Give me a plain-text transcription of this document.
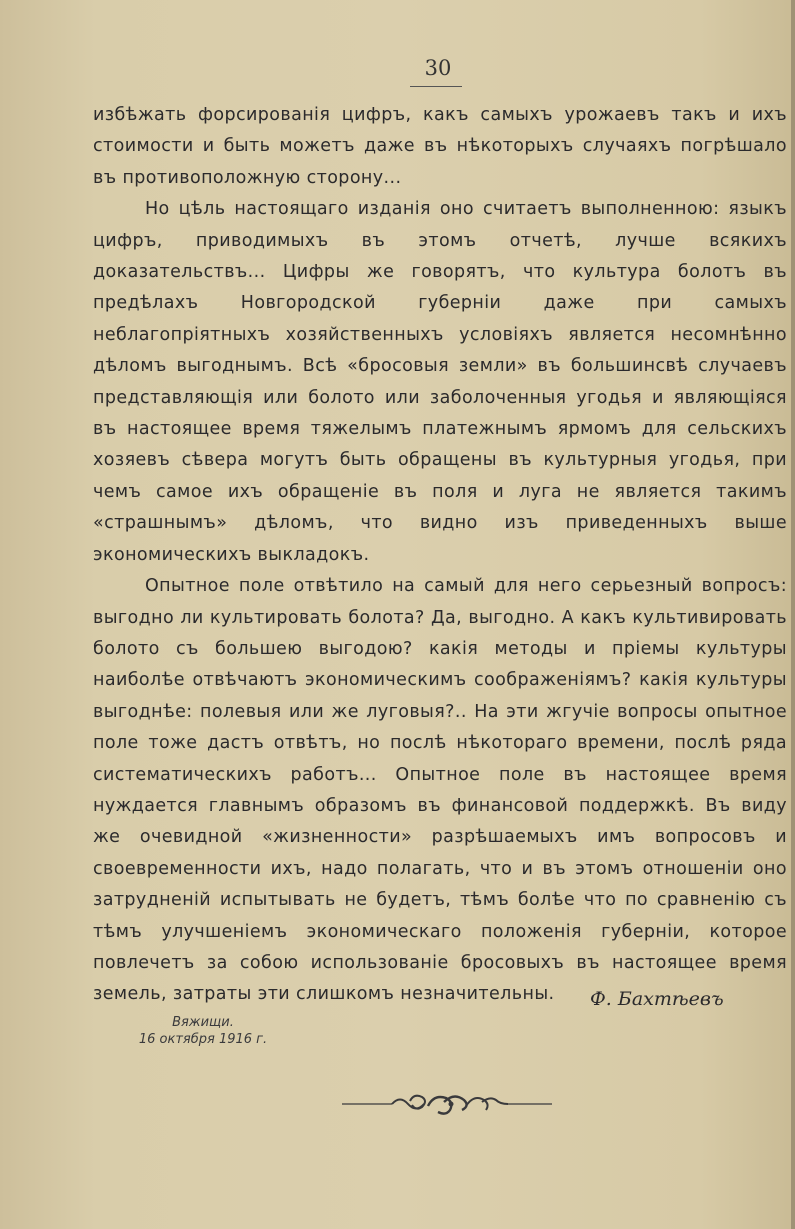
30

избѣжать форсированія цифръ, какъ самыхъ урожаевъ такъ и ихъ стоимости и быть можетъ даже въ нѣкоторыхъ случаяхъ погрѣшало въ противоположную сторону...

Но цѣль настоящаго изданія оно считаетъ выполненною: языкъ цифръ, приводимыхъ въ этомъ отчетѣ, лучше всякихъ доказательствъ... Цифры же говорятъ, что культура болотъ въ предѣлахъ Новгородской губерніи даже при самыхъ неблагопріятныхъ хозяйственныхъ условіяхъ является несомнѣнно дѣломъ выгоднымъ. Всѣ «бросовыя земли» въ большинсвѣ случаевъ представляющія или болото или заболоченныя угодья и являющіяся въ настоящее время тяжелымъ платежнымъ ярмомъ для сельскихъ хозяевъ сѣвера могутъ быть обращены въ культурныя угодья, при чемъ самое ихъ обращеніе въ поля и луга не является такимъ «страшнымъ» дѣломъ, что видно изъ приведенныхъ выше экономическихъ выкладокъ.

Опытное поле отвѣтило на самый для него серьезный вопросъ: выгодно ли культировать болота? Да, выгодно. А какъ культивировать болото съ большею выгодою? какія методы и пріемы культуры наиболѣе отвѣчаютъ экономическимъ соображеніямъ? какія культуры выгоднѣе: полевыя или же луговыя?.. На эти жгучіе вопросы опытное поле тоже дастъ отвѣтъ, но послѣ нѣкотораго времени, послѣ ряда систематическихъ работъ... Опытное поле въ настоящее время нуждается главнымъ образомъ въ финансовой поддержкѣ. Въ виду же очевидной «жизненности» разрѣшаемыхъ имъ вопросовъ и своевременности ихъ, надо полагать, что и въ этомъ отношеніи оно затрудненій испытывать не будетъ, тѣмъ болѣе что по сравненію съ тѣмъ улучшеніемъ экономическаго положенія губерніи, которое повлечетъ за собою использованіе бросовыхъ въ настоящее время земель, затраты эти слишкомъ незначительны.	Ф. Бахтѣевъ
Вяжищи.
16 октября 1916 г.
